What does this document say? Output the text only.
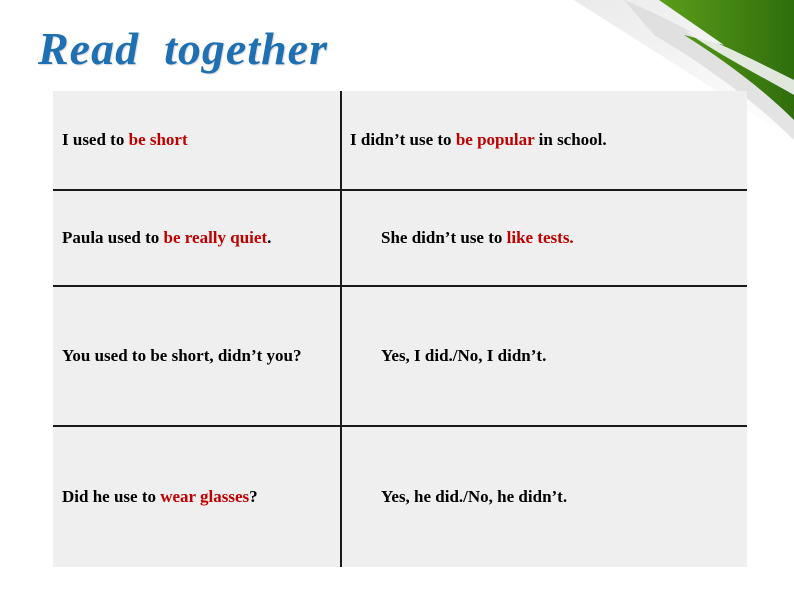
Read  together
I used to be short	I didn’t use to be popular in school.
Paula used to be really quiet.	She didn’t use to like tests.
You used to be short, didn’t you?	Yes, I did./No, I didn’t.
Did he use to wear glasses?	Yes, he did./No, he didn’t.
